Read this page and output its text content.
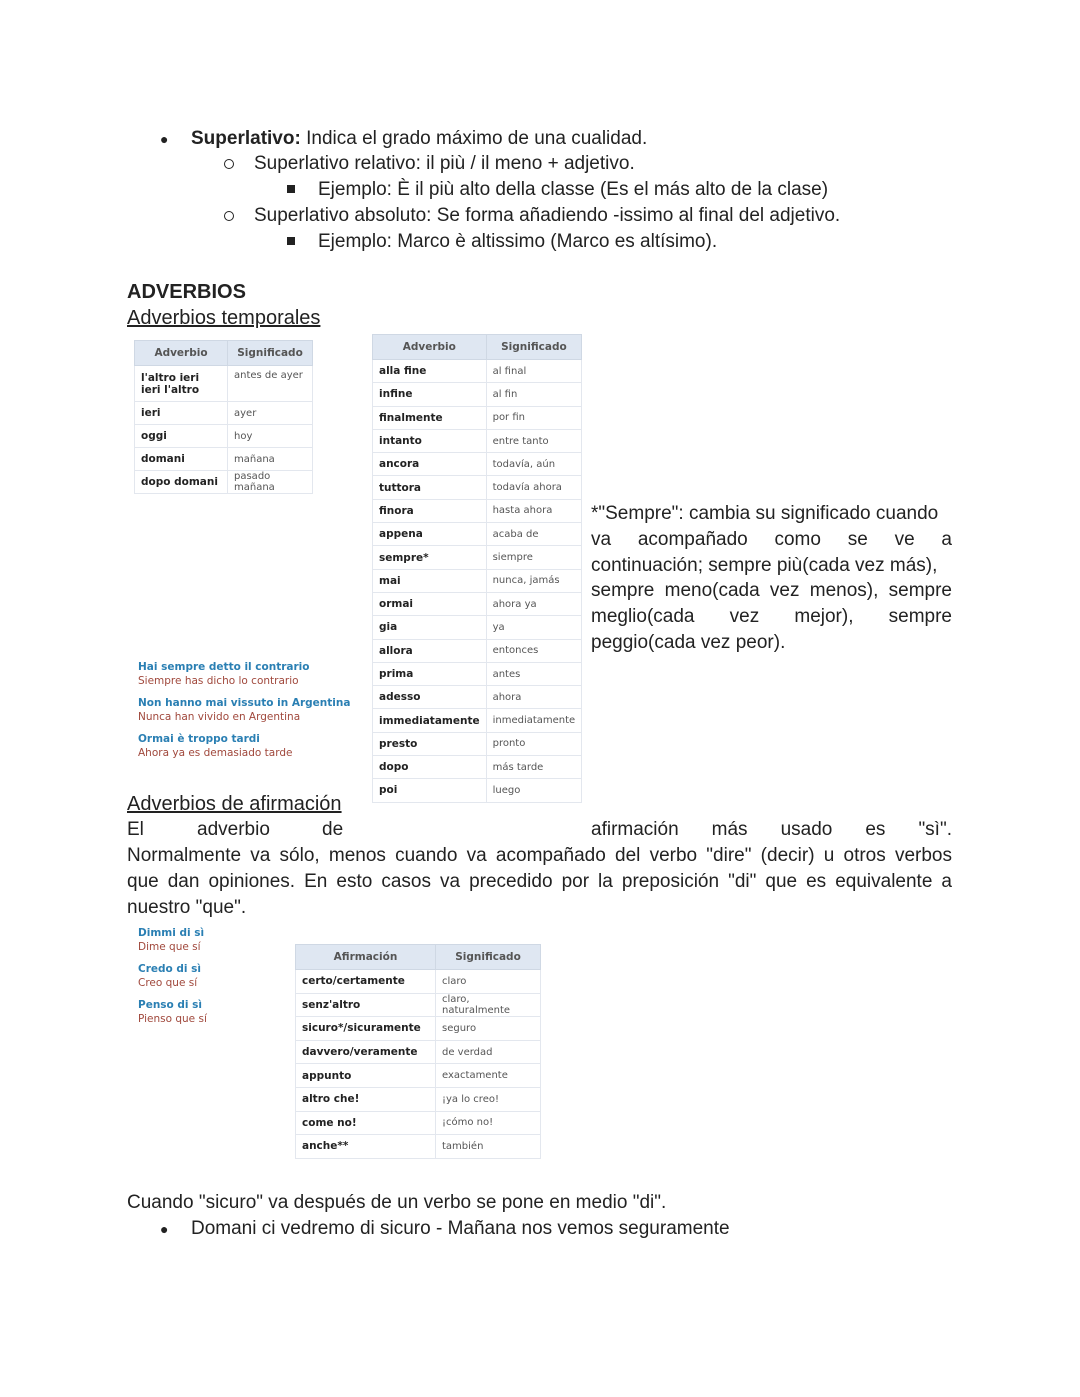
● Superlativo: Indica el grado máximo de una cualidad.
Superlativo relativo: il più / il meno + adjetivo.
Ejemplo: È il più alto della classe (Es el más alto de la clase)
Superlativo absoluto: Se forma añadiendo -issimo al final del adjetivo.
Ejemplo: Marco è altissimo (Marco es altísimo).
ADVERBIOS
Adverbios temporales
Adverbio	Significado
l'altro ieri
ieri l'altro	antes de ayer
ieri	ayer
oggi	hoy
domani	mañana
dopo domani	pasado mañana
Adverbio	Significado
alla fine	al final
infine	al fin
finalmente	por fin
intanto	entre tanto
ancora	todavía, aún
tuttora	todavía ahora
finora	hasta ahora
appena	acaba de
sempre*	siempre
mai	nunca, jamás
ormai	ahora ya
gia	ya
allora	entonces
prima	antes
adesso	ahora
immediatamente	inmediatamente
presto	pronto
dopo	más tarde
poi	luego
Hai sempre detto il contrario
Siempre has dicho lo contrario
Non hanno mai vissuto in Argentina
Nunca han vivido en Argentina
Ormai è troppo tardi
Ahora ya es demasiado tarde
*"Sempre": cambia su significado cuando
va acompañado como se ve a
continuación; sempre più(cada vez más),
sempre meno(cada vez menos), sempre
meglio(cada vez mejor), sempre
peggio(cada vez peor).
Adverbios de afirmación
El	adverbio	de	afirmación más usado es "sì".
Normalmente va sólo, menos cuando va acompañado del verbo "dire" (decir) u otros verbos
que dan opiniones. En esto casos va precedido por la preposición "di" que es equivalente a
nuestro "que".
Dimmi di sì
Dime que sí
Credo di sì
Creo que sí
Penso di sì
Pienso que sí
Afirmación	Significado
certo/certamente	claro
senz'altro	claro, naturalmente
sicuro*/sicuramente	seguro
davvero/veramente	de verdad
appunto	exactamente
altro che!	¡ya lo creo!
come no!	¡cómo no!
anche**	también
Cuando "sicuro" va después de un verbo se pone en medio "di".
● Domani ci vedremo di sicuro - Mañana nos vemos seguramente
